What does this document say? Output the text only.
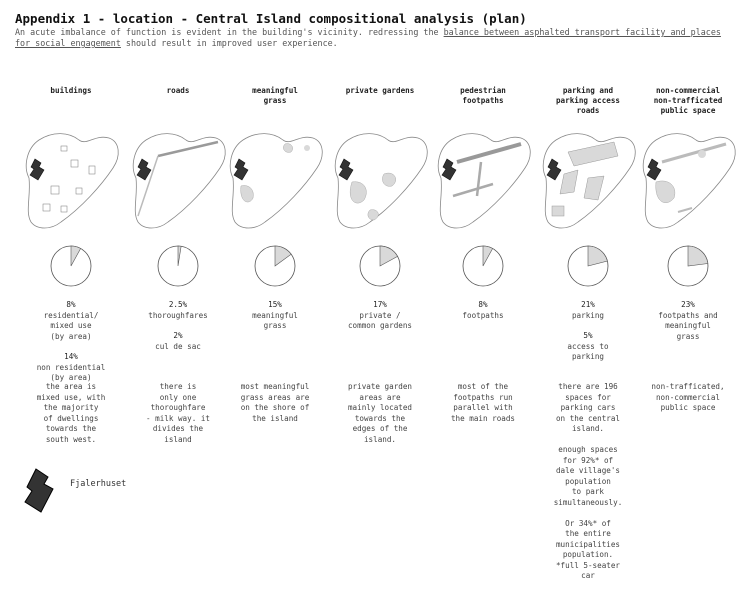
Appendix 1 - location - Central Island compositional analysis (plan)
An acute imbalance of function is evident in the building's vicinity. redressing the balance between asphalted transport facility and places for social engagement should result in improved user experience.
buildings
8%
residential/
mixed use
(by area)
14%
non residential
(by area)
the area is
mixed use, with
the majority
of dwellings
towards the
south west.
roads
2.5%
thoroughfares
2%
cul de sac
there is
only one
thoroughfare
- milk way. it
divides the
island
meaningful
grass
15%
meaningful
grass
most meaningful
grass areas are
on the shore of
the island
private gardens
17%
private /
common gardens
private garden
areas are
mainly located
towards the
edges of the
island.
pedestrian
footpaths
8%
footpaths
most of the
footpaths run
parallel with
the main roads
parking and
parking access
roads
21%
parking
5%
access to
parking
there are 196
spaces for
parking cars
on the central
island.

enough spaces
for 92%* of
dale village's
population
to park
simultaneously.

Or 34%* of
the entire
municipalities
population.
*full 5-seater
car
non-commercial
non-trafficated
public space
23%
footpaths and
meaningful
grass
non-trafficated,
non-commercial
public space
Fjalerhuset
